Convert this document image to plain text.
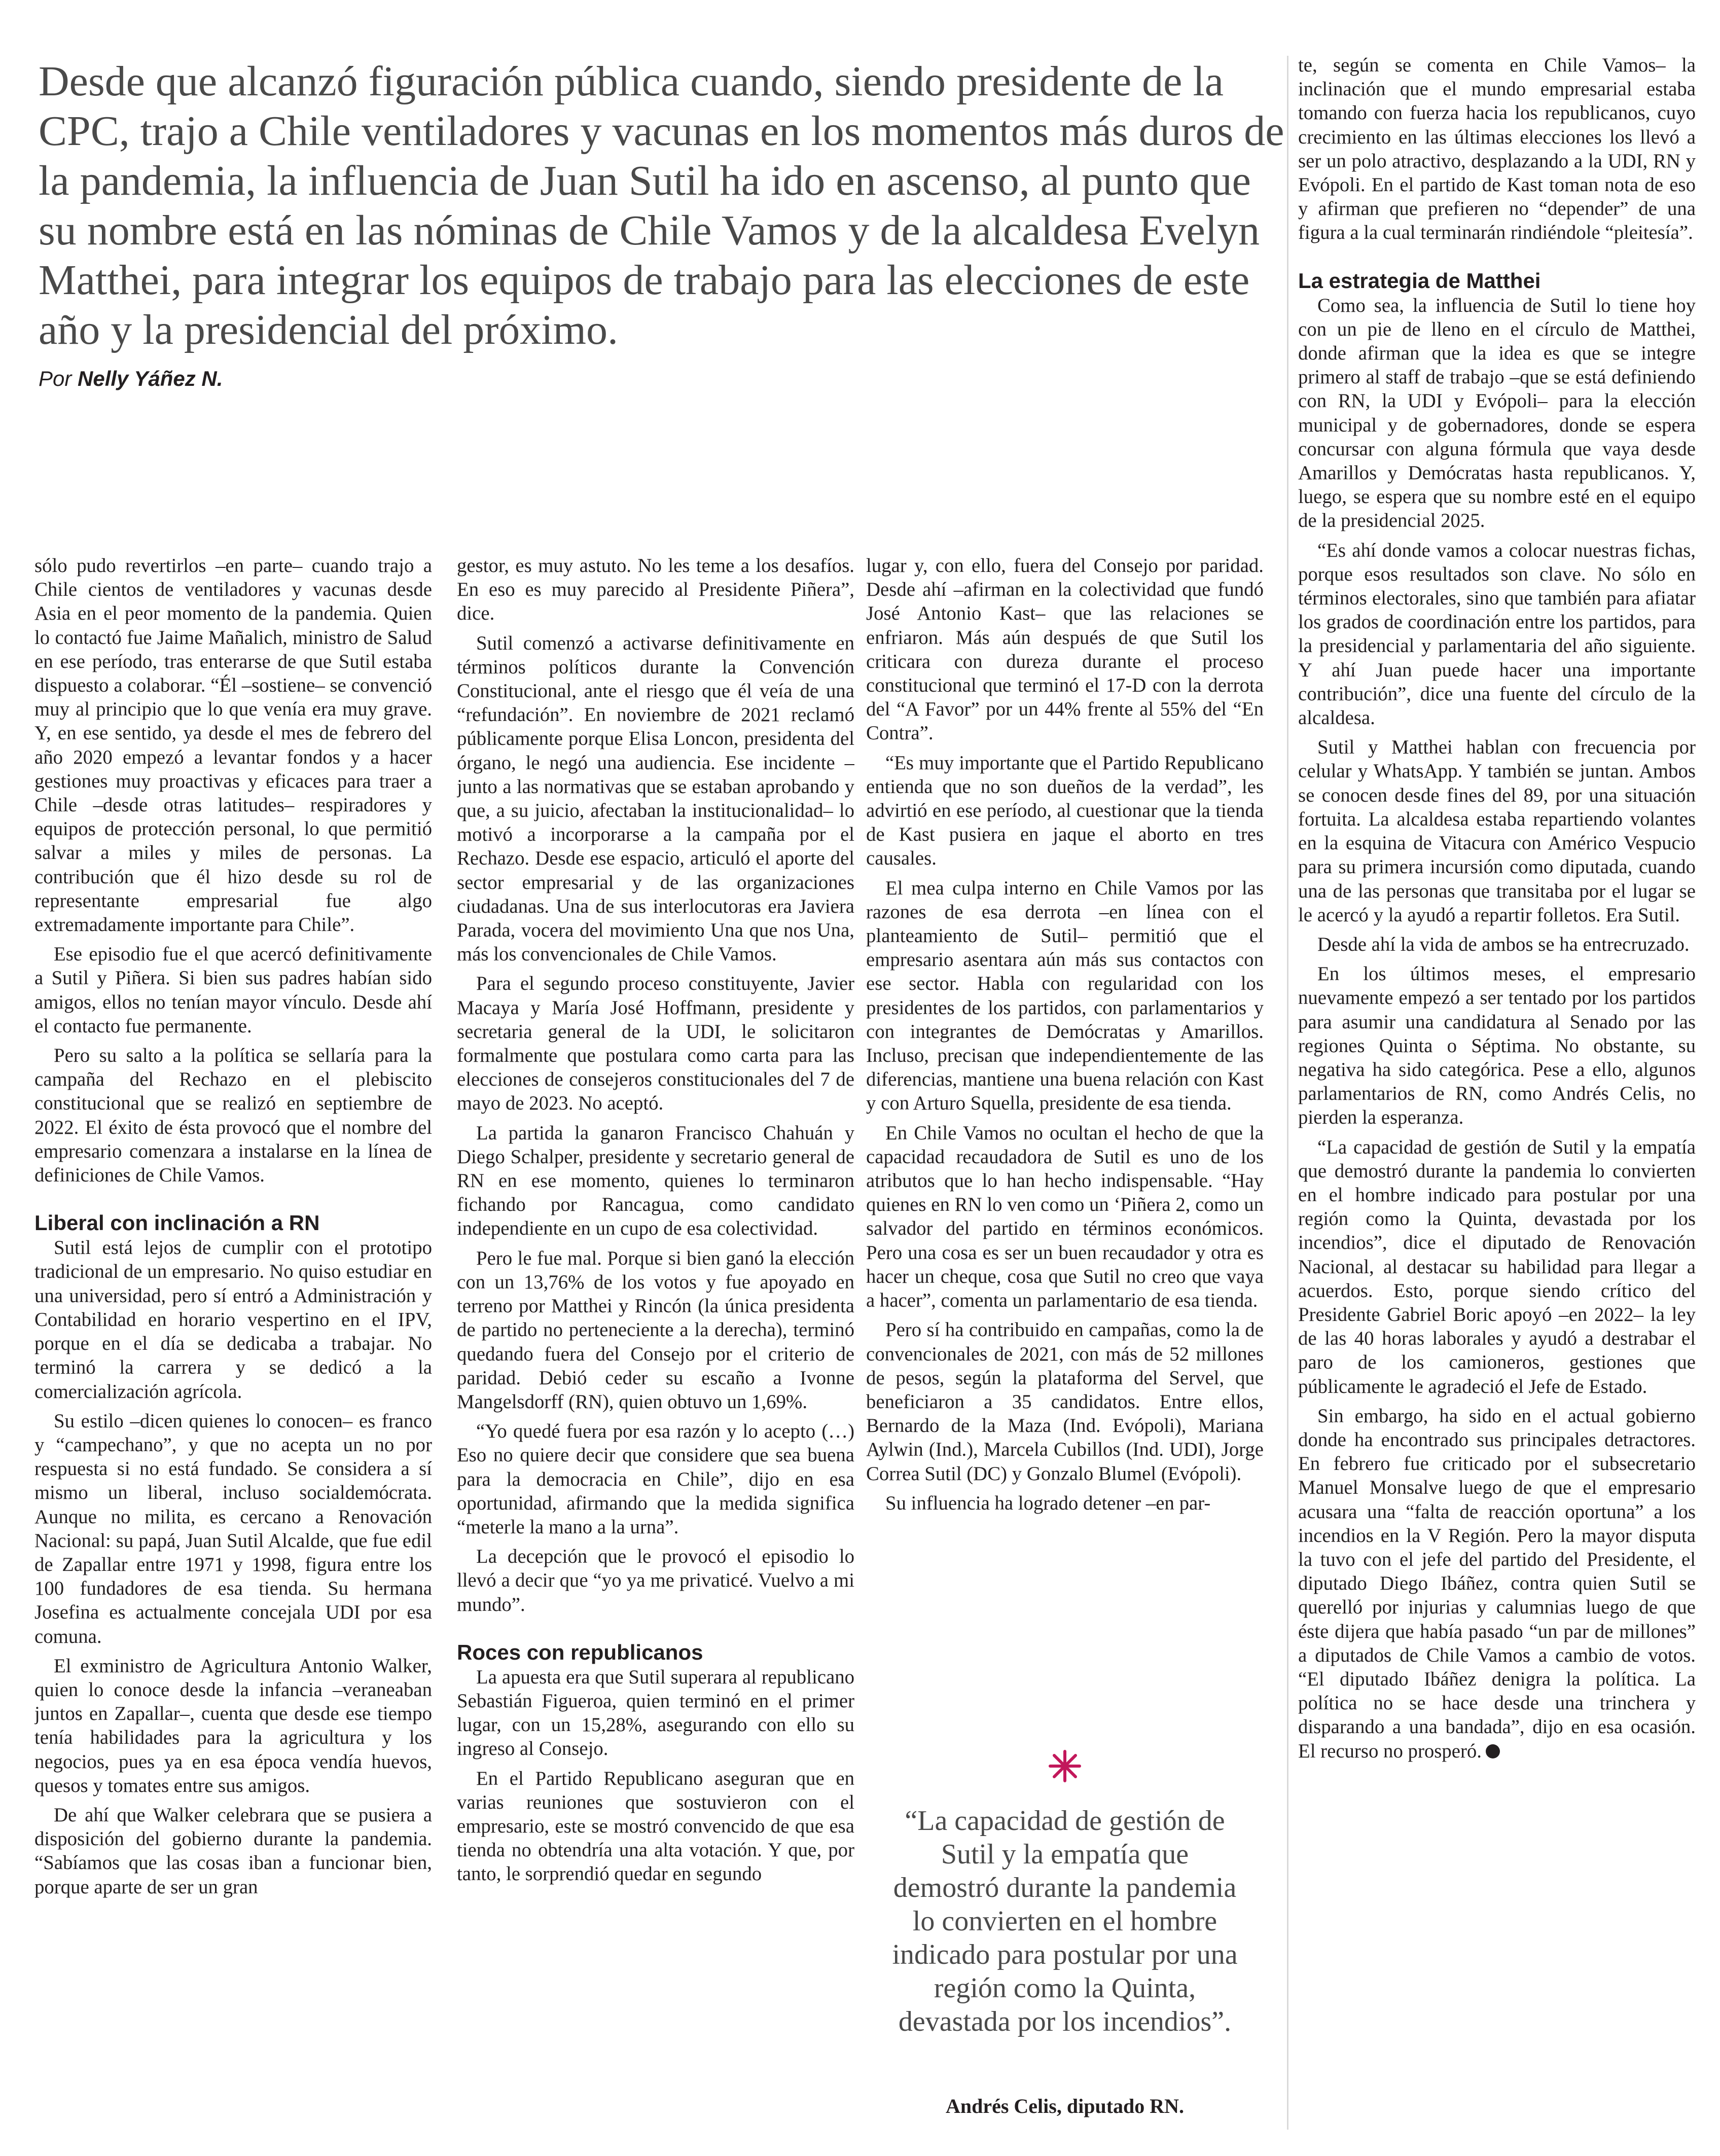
Desde que alcanzó figuración pública cuando, siendo presidente de la CPC, trajo a Chile ventiladores y vacunas en los momentos más duros de la pandemia, la influencia de Juan Sutil ha ido en ascenso, al punto que su nombre está en las nóminas de Chile Vamos y de la alcaldesa Evelyn Matthei, para integrar los equipos de trabajo para las elecciones de este año y la presidencial del próximo.
Por Nelly Yáñez N.

sólo pudo revertirlos –en parte– cuando trajo a Chile cientos de ventiladores y vacunas desde Asia en el peor momento de la pandemia. Quien lo contactó fue Jaime Mañalich, ministro de Salud en ese período, tras enterarse de que Sutil estaba dispuesto a colaborar. “Él –sostiene– se convenció muy al principio que lo que venía era muy grave. Y, en ese sentido, ya desde el mes de febrero del año 2020 empezó a levantar fondos y a hacer gestiones muy proactivas y eficaces para traer a Chile –desde otras latitudes– respiradores y equipos de protección personal, lo que permitió salvar a miles y miles de personas. La contribución que él hizo desde su rol de representante empresarial fue algo extremadamente importante para Chile”.

Ese episodio fue el que acercó definitivamente a Sutil y Piñera. Si bien sus padres habían sido amigos, ellos no tenían mayor vínculo. Desde ahí el contacto fue permanente.

Pero su salto a la política se sellaría para la campaña del Rechazo en el plebiscito constitucional que se realizó en septiembre de 2022. El éxito de ésta provocó que el nombre del empresario comenzara a instalarse en la línea de definiciones de Chile Vamos.

Liberal con inclinación a RN

Sutil está lejos de cumplir con el prototipo tradicional de un empresario. No quiso estudiar en una universidad, pero sí entró a Administración y Contabilidad en horario vespertino en el IPV, porque en el día se dedicaba a trabajar. No terminó la carrera y se dedicó a la comercialización agrícola.

Su estilo –dicen quienes lo conocen– es franco y “campechano”, y que no acepta un no por respuesta si no está fundado. Se considera a sí mismo un liberal, incluso socialdemócrata. Aunque no milita, es cercano a Renovación Nacional: su papá, Juan Sutil Alcalde, que fue edil de Zapallar entre 1971 y 1998, figura entre los 100 fundadores de esa tienda. Su hermana Josefina es actualmente concejala UDI por esa comuna.

El exministro de Agricultura Antonio Walker, quien lo conoce desde la infancia –veraneaban juntos en Zapallar–, cuenta que desde ese tiempo tenía habilidades para la agricultura y los negocios, pues ya en esa época vendía huevos, quesos y tomates entre sus amigos.

De ahí que Walker celebrara que se pusiera a disposición del gobierno durante la pandemia. “Sabíamos que las cosas iban a funcionar bien, porque aparte de ser un gran

gestor, es muy astuto. No les teme a los desafíos. En eso es muy parecido al Presidente Piñera”, dice.

Sutil comenzó a activarse definitivamente en términos políticos durante la Convención Constitucional, ante el riesgo que él veía de una “refundación”. En noviembre de 2021 reclamó públicamente porque Elisa Loncon, presidenta del órgano, le negó una audiencia. Ese incidente –junto a las normativas que se estaban aprobando y que, a su juicio, afectaban la institucionalidad– lo motivó a incorporarse a la campaña por el Rechazo. Desde ese espacio, articuló el aporte del sector empresarial y de las organizaciones ciudadanas. Una de sus interlocutoras era Javiera Parada, vocera del movimiento Una que nos Una, más los convencionales de Chile Vamos.

Para el segundo proceso constituyente, Javier Macaya y María José Hoffmann, presidente y secretaria general de la UDI, le solicitaron formalmente que postulara como carta para las elecciones de consejeros constitucionales del 7 de mayo de 2023. No aceptó.

La partida la ganaron Francisco Chahuán y Diego Schalper, presidente y secretario general de RN en ese momento, quienes lo terminaron fichando por Rancagua, como candidato independiente en un cupo de esa colectividad.

Pero le fue mal. Porque si bien ganó la elección con un 13,76% de los votos y fue apoyado en terreno por Matthei y Rincón (la única presidenta de partido no perteneciente a la derecha), terminó quedando fuera del Consejo por el criterio de paridad. Debió ceder su escaño a Ivonne Mangelsdorff (RN), quien obtuvo un 1,69%.

“Yo quedé fuera por esa razón y lo acepto (…) Eso no quiere decir que considere que sea buena para la democracia en Chile”, dijo en esa oportunidad, afirmando que la medida significa “meterle la mano a la urna”.

La decepción que le provocó el episodio lo llevó a decir que “yo ya me privaticé. Vuelvo a mi mundo”.

Roces con republicanos

La apuesta era que Sutil superara al republicano Sebastián Figueroa, quien terminó en el primer lugar, con un 15,28%, asegurando con ello su ingreso al Consejo.

En el Partido Republicano aseguran que en varias reuniones que sostuvieron con el empresario, este se mostró convencido de que esa tienda no obtendría una alta votación. Y que, por tanto, le sorprendió quedar en segundo

lugar y, con ello, fuera del Consejo por paridad. Desde ahí –afirman en la colectividad que fundó José Antonio Kast– que las relaciones se enfriaron. Más aún después de que Sutil los criticara con dureza durante el proceso constitucional que terminó el 17-D con la derrota del “A Favor” por un 44% frente al 55% del “En Contra”.

“Es muy importante que el Partido Republicano entienda que no son dueños de la verdad”, les advirtió en ese período, al cuestionar que la tienda de Kast pusiera en jaque el aborto en tres causales.

El mea culpa interno en Chile Vamos por las razones de esa derrota –en línea con el planteamiento de Sutil– permitió que el empresario asentara aún más sus contactos con ese sector. Habla con regularidad con los presidentes de los partidos, con parlamentarios y con integrantes de Demócratas y Amarillos. Incluso, precisan que independientemente de las diferencias, mantiene una buena relación con Kast y con Arturo Squella, presidente de esa tienda.

En Chile Vamos no ocultan el hecho de que la capacidad recaudadora de Sutil es uno de los atributos que lo han hecho indispensable. “Hay quienes en RN lo ven como un ‘Piñera 2, como un salvador del partido en términos económicos. Pero una cosa es ser un buen recaudador y otra es hacer un cheque, cosa que Sutil no creo que vaya a hacer”, comenta un parlamentario de esa tienda.

Pero sí ha contribuido en campañas, como la de convencionales de 2021, con más de 52 millones de pesos, según la plataforma del Servel, que beneficiaron a 35 candidatos. Entre ellos, Bernardo de la Maza (Ind. Evópoli), Mariana Aylwin (Ind.), Marcela Cubillos (Ind. UDI), Jorge Correa Sutil (DC) y Gonzalo Blumel (Evópoli).

Su influencia ha logrado detener –en par-

“La capacidad de gestión de Sutil y la empatía que demostró durante la pandemia lo convierten en el hombre indicado para postular por una región como la Quinta, devastada por los incendios”.
Andrés Celis, diputado RN.

te, según se comenta en Chile Vamos– la inclinación que el mundo empresarial estaba tomando con fuerza hacia los republicanos, cuyo crecimiento en las últimas elecciones los llevó a ser un polo atractivo, desplazando a la UDI, RN y Evópoli. En el partido de Kast toman nota de eso y afirman que prefieren no “depender” de una figura a la cual terminarán rindiéndole “pleitesía”.

La estrategia de Matthei

Como sea, la influencia de Sutil lo tiene hoy con un pie de lleno en el círculo de Matthei, donde afirman que la idea es que se integre primero al staff de trabajo –que se está definiendo con RN, la UDI y Evópoli– para la elección municipal y de gobernadores, donde se espera concursar con alguna fórmula que vaya desde Amarillos y Demócratas hasta republicanos. Y, luego, se espera que su nombre esté en el equipo de la presidencial 2025.

“Es ahí donde vamos a colocar nuestras fichas, porque esos resultados son clave. No sólo en términos electorales, sino que también para afiatar los grados de coordinación entre los partidos, para la presidencial y parlamentaria del año siguiente. Y ahí Juan puede hacer una importante contribución”, dice una fuente del círculo de la alcaldesa.

Sutil y Matthei hablan con frecuencia por celular y WhatsApp. Y también se juntan. Ambos se conocen desde fines del 89, por una situación fortuita. La alcaldesa estaba repartiendo volantes en la esquina de Vitacura con Américo Vespucio para su primera incursión como diputada, cuando una de las personas que transitaba por el lugar se le acercó y la ayudó a repartir folletos. Era Sutil.

Desde ahí la vida de ambos se ha entrecruzado.

En los últimos meses, el empresario nuevamente empezó a ser tentado por los partidos para asumir una candidatura al Senado por las regiones Quinta o Séptima. No obstante, su negativa ha sido categórica. Pese a ello, algunos parlamentarios de RN, como Andrés Celis, no pierden la esperanza.

“La capacidad de gestión de Sutil y la empatía que demostró durante la pandemia lo convierten en el hombre indicado para postular por una región como la Quinta, devastada por los incendios”, dice el diputado de Renovación Nacional, al destacar su habilidad para llegar a acuerdos. Esto, porque siendo crítico del Presidente Gabriel Boric apoyó –en 2022– la ley de las 40 horas laborales y ayudó a destrabar el paro de los camioneros, gestiones que públicamente le agradeció el Jefe de Estado.

Sin embargo, ha sido en el actual gobierno donde ha encontrado sus principales detractores. En febrero fue criticado por el subsecretario Manuel Monsalve luego de que el empresario acusara una “falta de reacción oportuna” a los incendios en la V Región. Pero la mayor disputa la tuvo con el jefe del partido del Presidente, el diputado Diego Ibáñez, contra quien Sutil se querelló por injurias y calumnias luego de que éste dijera que había pasado “un par de millones” a diputados de Chile Vamos a cambio de votos. “El diputado Ibáñez denigra la política. La política no se hace desde una trinchera y disparando a una bandada”, dijo en esa ocasión. El recurso no prosperó.
